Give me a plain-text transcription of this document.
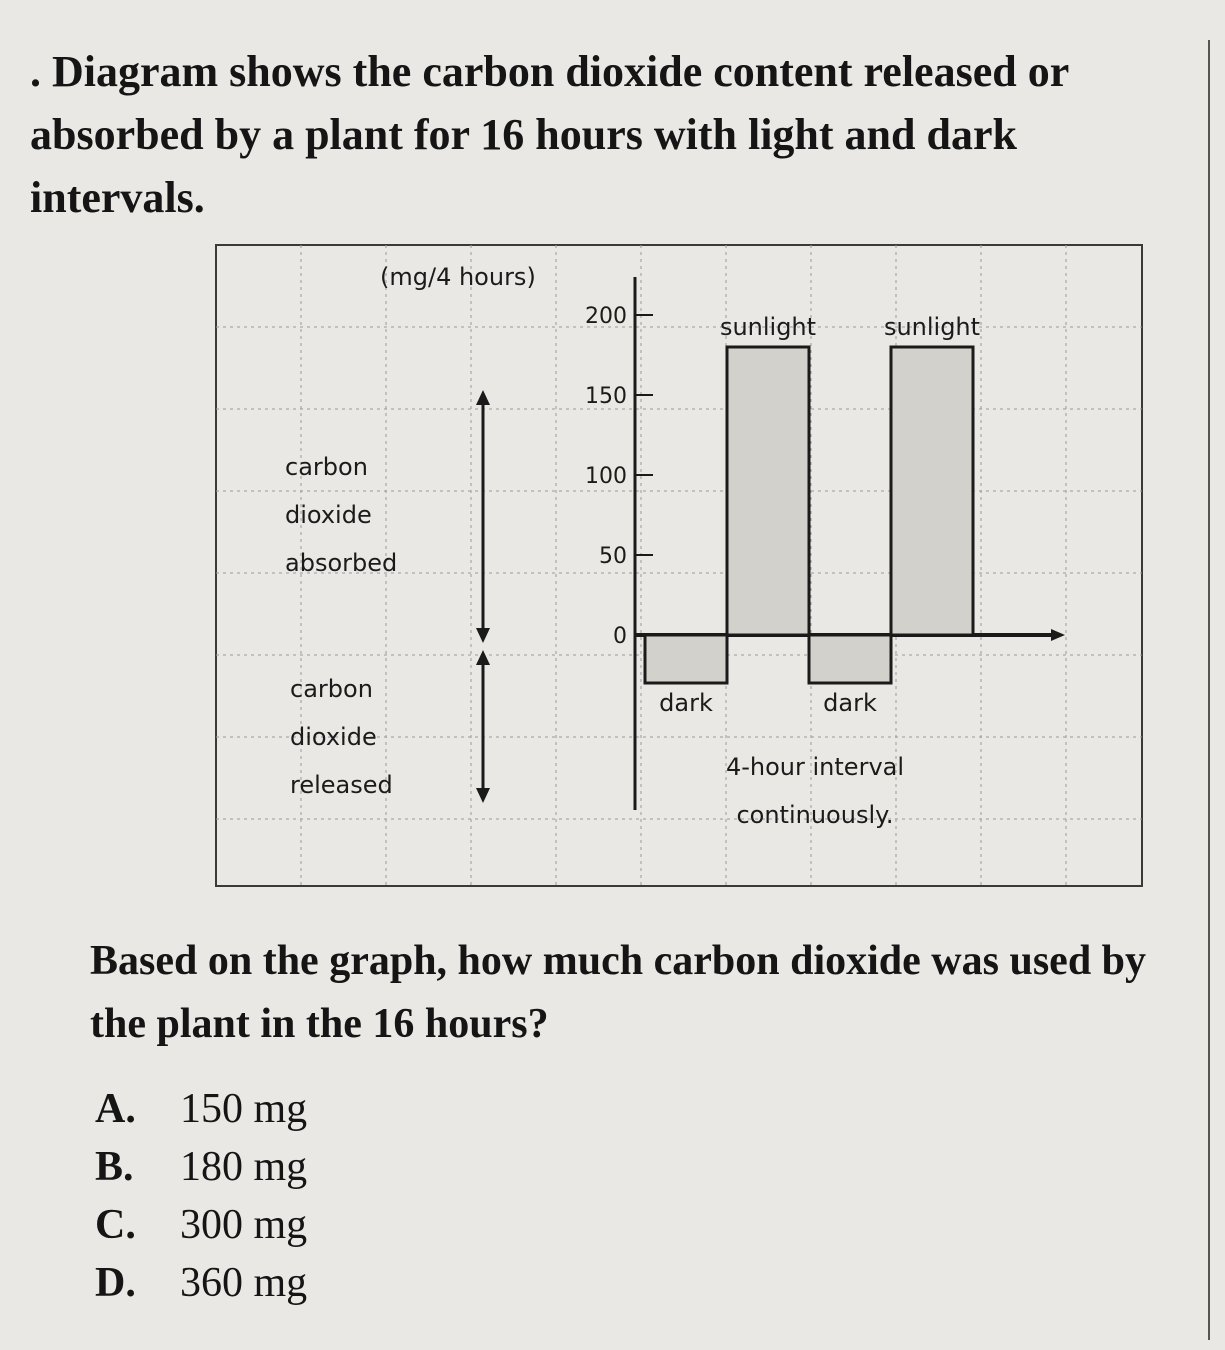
. Diagram shows the carbon dioxide content released or absorbed by a plant for 16 hours with light and dark intervals.

(mg/4 hours)
0
50
100
150
200
carbon
dioxide
absorbed
carbon
dioxide
released
dark
sunlight
dark
sunlight
4-hour interval
continuously.

Based on the graph, how much carbon dioxide was used by the plant in the 16 hours?

A.	150 mg
B.	180 mg
C.	300 mg
D.	360 mg
